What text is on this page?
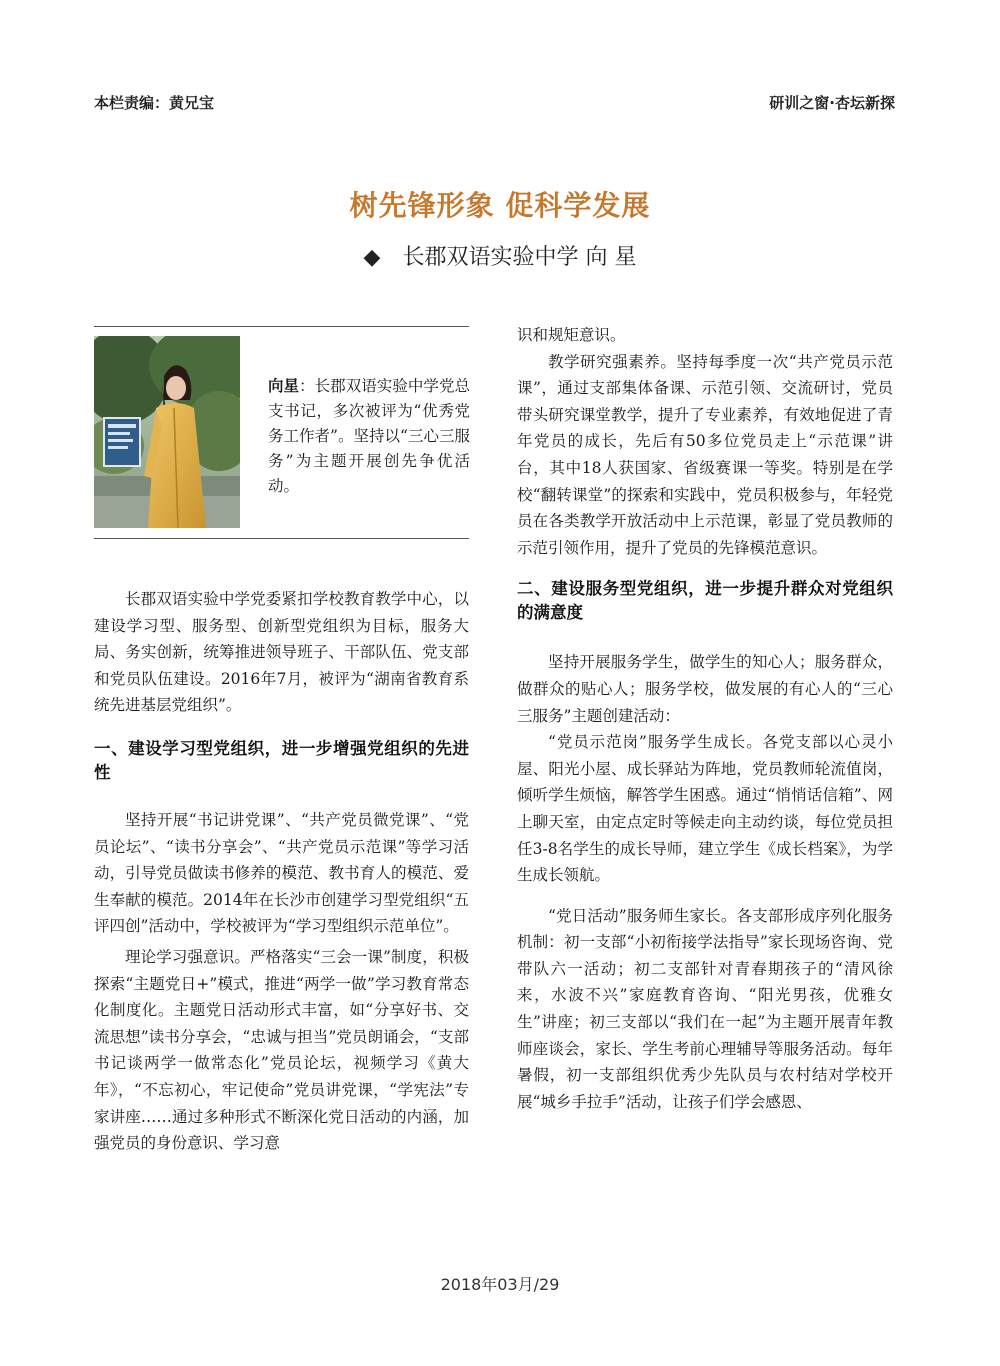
本栏责编：黄兄宝	研训之窗·杏坛新探
树先锋形象 促科学发展
◆ 长郡双语实验中学 向 星
向星：长郡双语实验中学党总支书记，多次被评为“优秀党务工作者”。坚持以“三心三服务”为主题开展创先争优活动。

长郡双语实验中学党委紧扣学校教育教学中心，以建设学习型、服务型、创新型党组织为目标，服务大局、务实创新，统筹推进领导班子、干部队伍、党支部和党员队伍建设。2016年7月，被评为“湖南省教育系统先进基层党组织”。

一、建设学习型党组织，进一步增强党组织的先进性

坚持开展“书记讲党课”、“共产党员微党课”、“党员论坛”、“读书分享会”、“共产党员示范课”等学习活动，引导党员做读书修养的模范、教书育人的模范、爱生奉献的模范。2014年在长沙市创建学习型党组织“五评四创”活动中，学校被评为“学习型组织示范单位”。

理论学习强意识。严格落实“三会一课”制度，积极探索“主题党日+”模式，推进“两学一做”学习教育常态化制度化。主题党日活动形式丰富，如“分享好书、交流思想”读书分享会，“忠诚与担当”党员朗诵会，“支部书记谈两学一做常态化”党员论坛，视频学习《黄大年》，“不忘初心，牢记使命”党员讲党课，“学宪法”专家讲座……通过多种形式不断深化党日活动的内涵，加强党员的身份意识、学习意

识和规矩意识。

教学研究强素养。坚持每季度一次“共产党员示范课”，通过支部集体备课、示范引领、交流研讨，党员带头研究课堂教学，提升了专业素养，有效地促进了青年党员的成长，先后有50多位党员走上“示范课”讲台，其中18人获国家、省级赛课一等奖。特别是在学校“翻转课堂”的探索和实践中，党员积极参与，年轻党员在各类教学开放活动中上示范课，彰显了党员教师的示范引领作用，提升了党员的先锋模范意识。

二、建设服务型党组织，进一步提升群众对党组织的满意度

坚持开展服务学生，做学生的知心人；服务群众，做群众的贴心人；服务学校，做发展的有心人的“三心三服务”主题创建活动：

“党员示范岗”服务学生成长。各党支部以心灵小屋、阳光小屋、成长驿站为阵地，党员教师轮流值岗，倾听学生烦恼，解答学生困惑。通过“悄悄话信箱”、网上聊天室，由定点定时等候走向主动约谈，每位党员担任3-8名学生的成长导师，建立学生《成长档案》，为学生成长领航。

“党日活动”服务师生家长。各支部形成序列化服务机制：初一支部“小初衔接学法指导”家长现场咨询、党带队六一活动；初二支部针对青春期孩子的“清风徐来，水波不兴”家庭教育咨询、“阳光男孩，优雅女生”讲座；初三支部以“我们在一起”为主题开展青年教师座谈会，家长、学生考前心理辅导等服务活动。每年暑假，初一支部组织优秀少先队员与农村结对学校开展“城乡手拉手”活动，让孩子们学会感恩、

2018年03月/29
